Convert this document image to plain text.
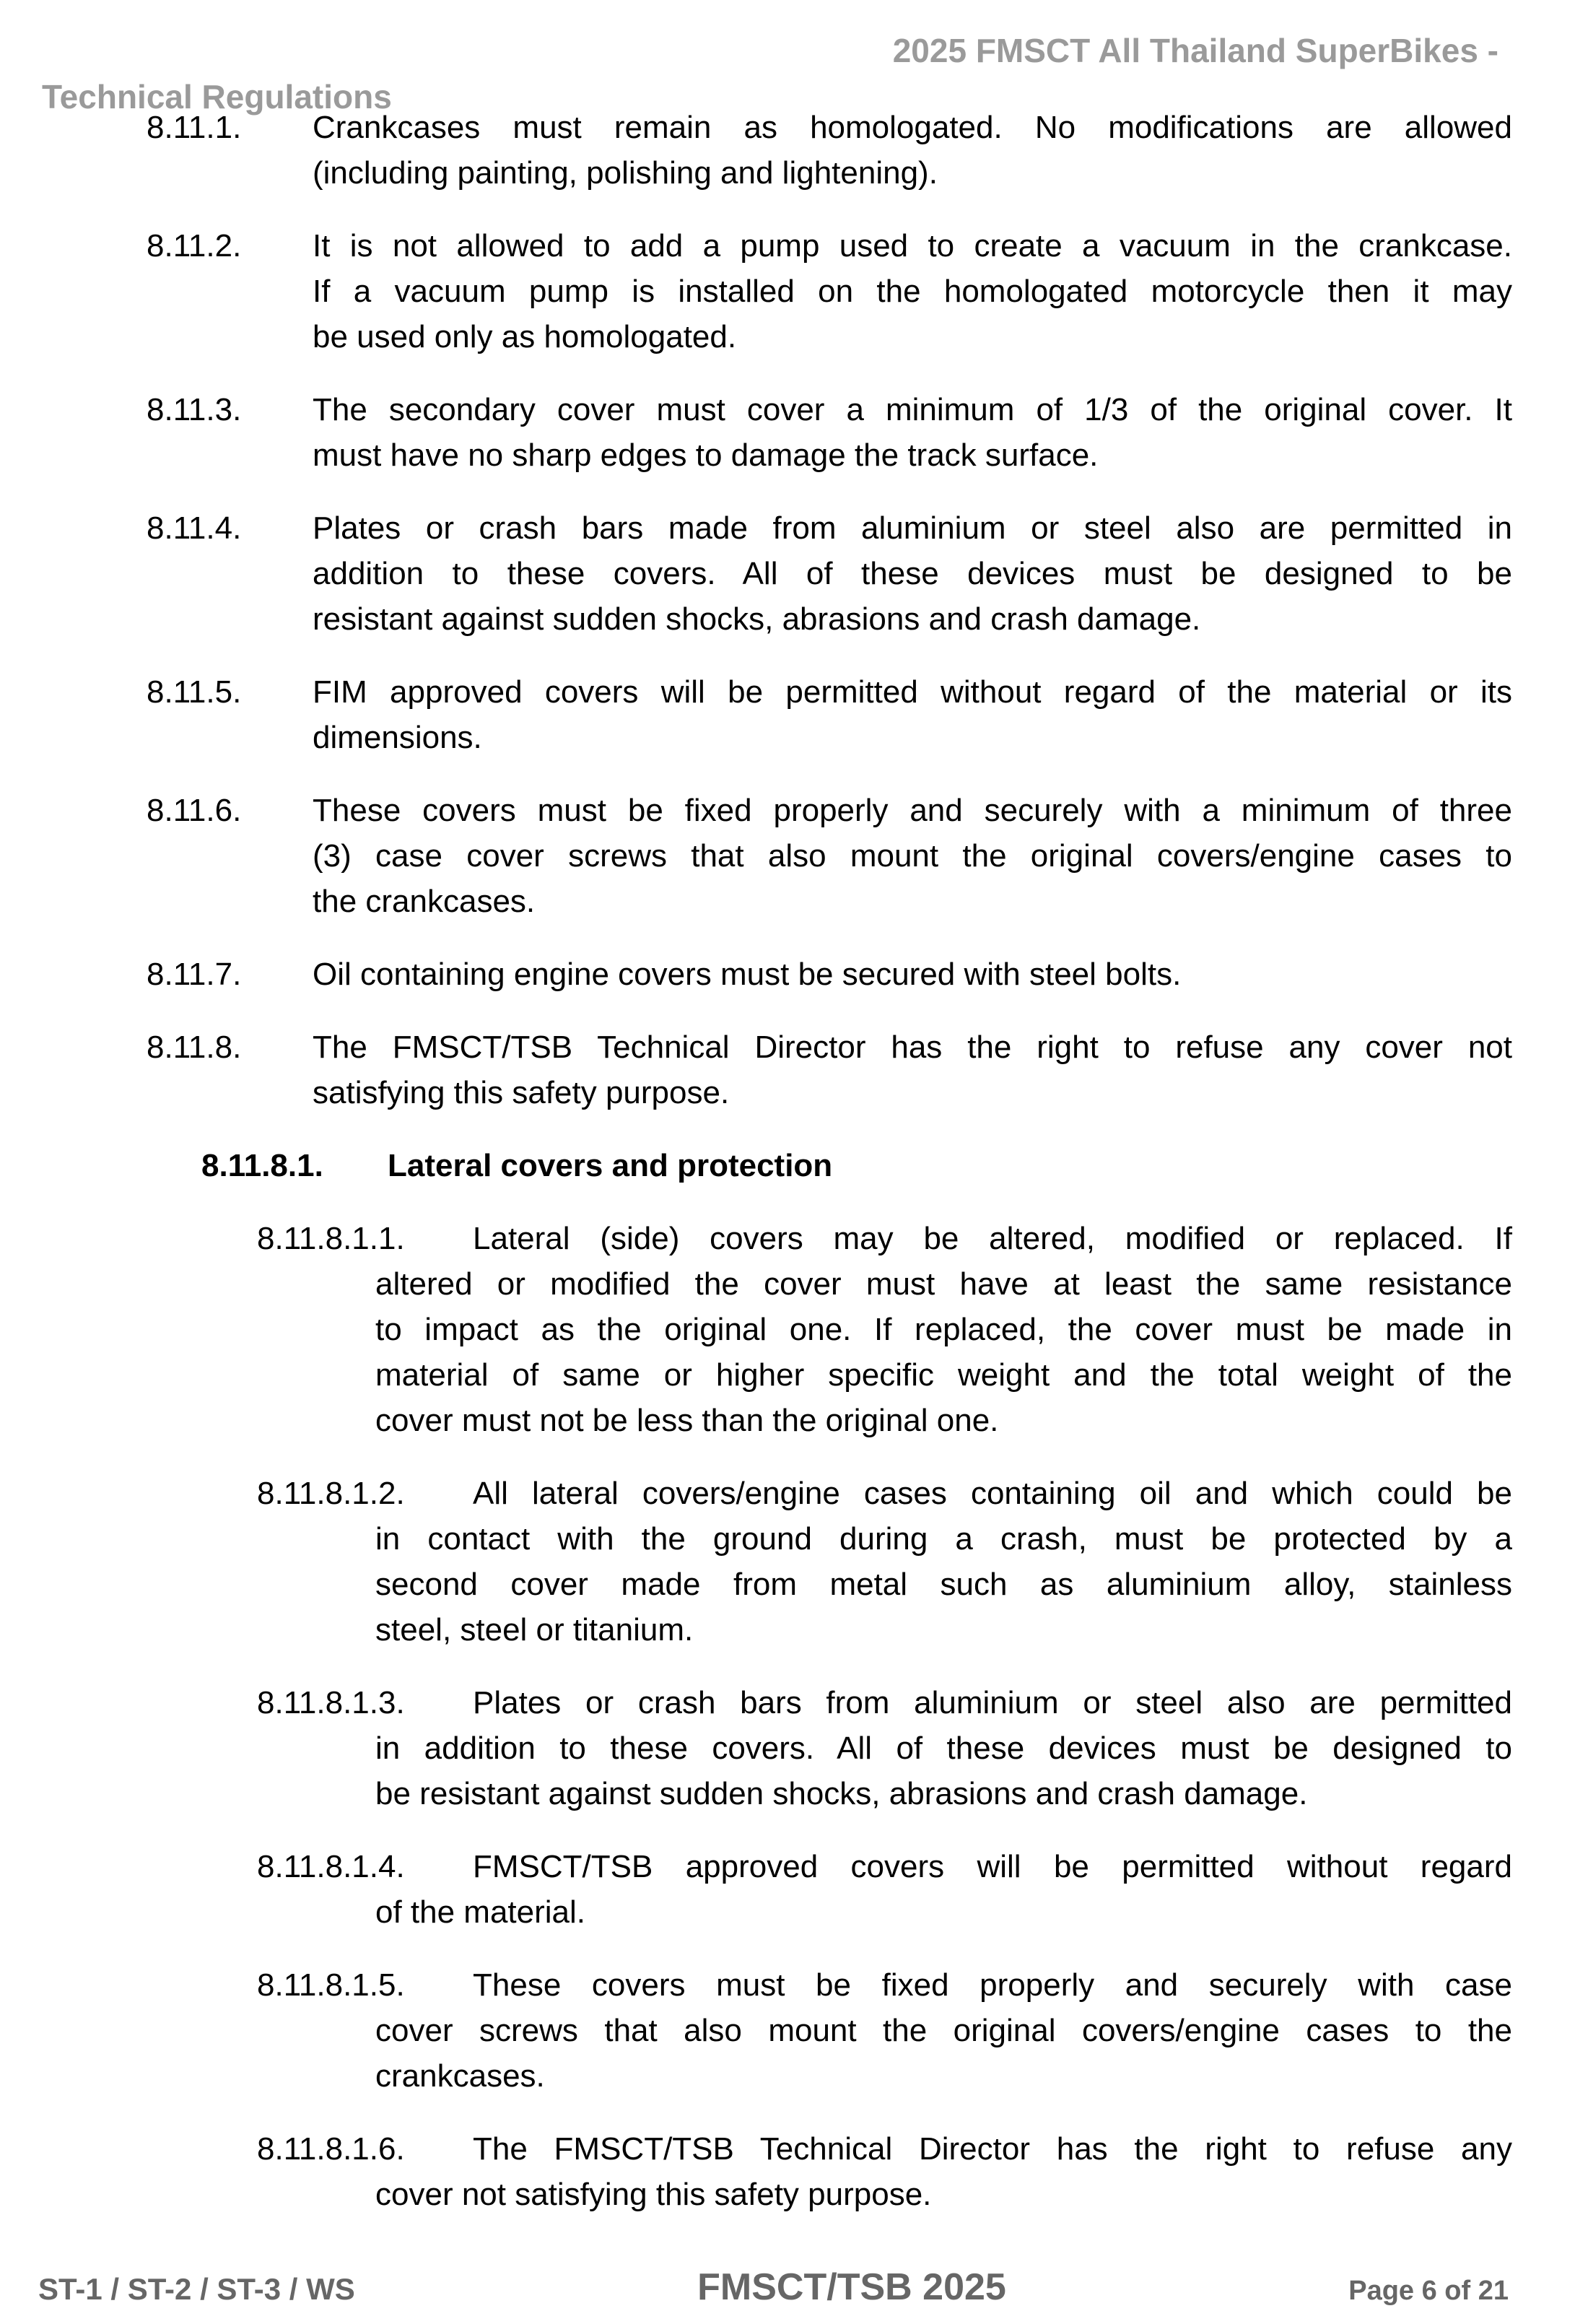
2025 FMSCT All Thailand SuperBikes -
Technical Regulations
8.11.1. Crankcases must remain as homologated. No modifications are allowed
(including painting, polishing and lightening).
8.11.2. It is not allowed to add a pump used to create a vacuum in the crankcase.
If a vacuum pump is installed on the homologated motorcycle then it may
be used only as homologated.
8.11.3. The secondary cover must cover a minimum of 1/3 of the original cover. It
must have no sharp edges to damage the track surface.
8.11.4. Plates or crash bars made from aluminium or steel also are permitted in
addition to these covers. All of these devices must be designed to be
resistant against sudden shocks, abrasions and crash damage.
8.11.5. FIM approved covers will be permitted without regard of the material or its
dimensions.
8.11.6. These covers must be fixed properly and securely with a minimum of three
(3) case cover screws that also mount the original covers/engine cases to
the crankcases.
8.11.7. Oil containing engine covers must be secured with steel bolts.
8.11.8. The FMSCT/TSB Technical Director has the right to refuse any cover not
satisfying this safety purpose.
8.11.8.1. Lateral covers and protection
8.11.8.1.1.	Lateral (side) covers may be altered, modified or replaced. If
altered or modified the cover must have at least the same resistance
to impact as the original one. If replaced, the cover must be made in
material of same or higher specific weight and the total weight of the
cover must not be less than the original one.
8.11.8.1.2.	All lateral covers/engine cases containing oil and which could be
in contact with the ground during a crash, must be protected by a
second cover made from metal such as aluminium alloy, stainless
steel, steel or titanium.
8.11.8.1.3.	Plates or crash bars from aluminium or steel also are permitted
in addition to these covers. All of these devices must be designed to
be resistant against sudden shocks, abrasions and crash damage.
8.11.8.1.4.	FMSCT/TSB approved covers will be permitted without regard
of the material.
8.11.8.1.5.	These covers must be fixed properly and securely with case
cover screws that also mount the original covers/engine cases to the
crankcases.
8.11.8.1.6.	The FMSCT/TSB Technical Director has the right to refuse any
cover not satisfying this safety purpose.
ST-1 / ST-2 / ST-3 / WS	FMSCT/TSB 2025	Page 6 of 21
